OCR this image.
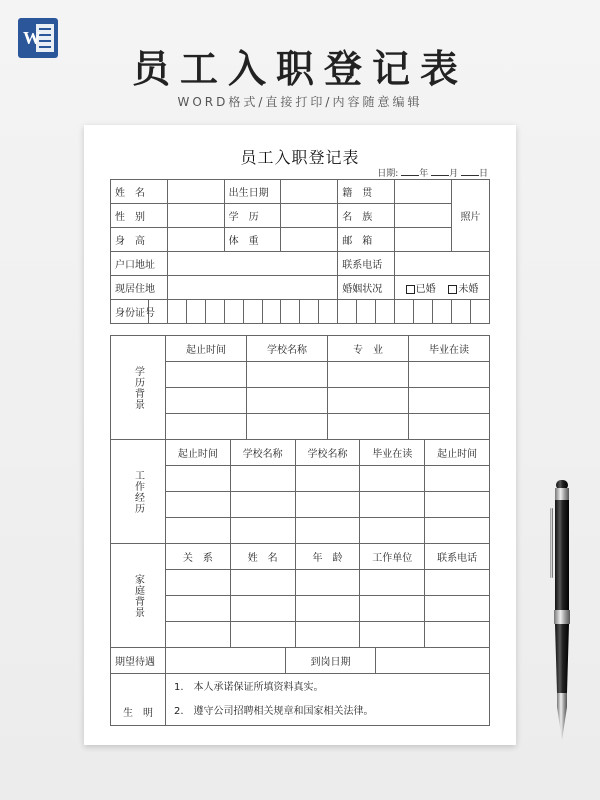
W
员工入职登记表
WORD格式/直接打印/内容随意编辑
员工入职登记表
日期: 年 月 日
姓　名					出生日期						籍　贯						照片	
性　别					学　历						名　族							
身　高					体　重						邮　箱							
户口地址											联系电话							
现居住地											婚姻状况			已婚 未婚				
身份证号																		
学历背景	起止时间	学校名称	专　业	毕业在读

工作经历	起止时间	学校名称	学校名称	毕业在读	起止时间

家庭背景	关　系	姓　名	年　龄	工作单位	联系电话

期望待遇		到岗日期	
生　明	1.　本人承诺保证所填资料真实。
2.　遵守公司招聘相关规章和国家相关法律。		
